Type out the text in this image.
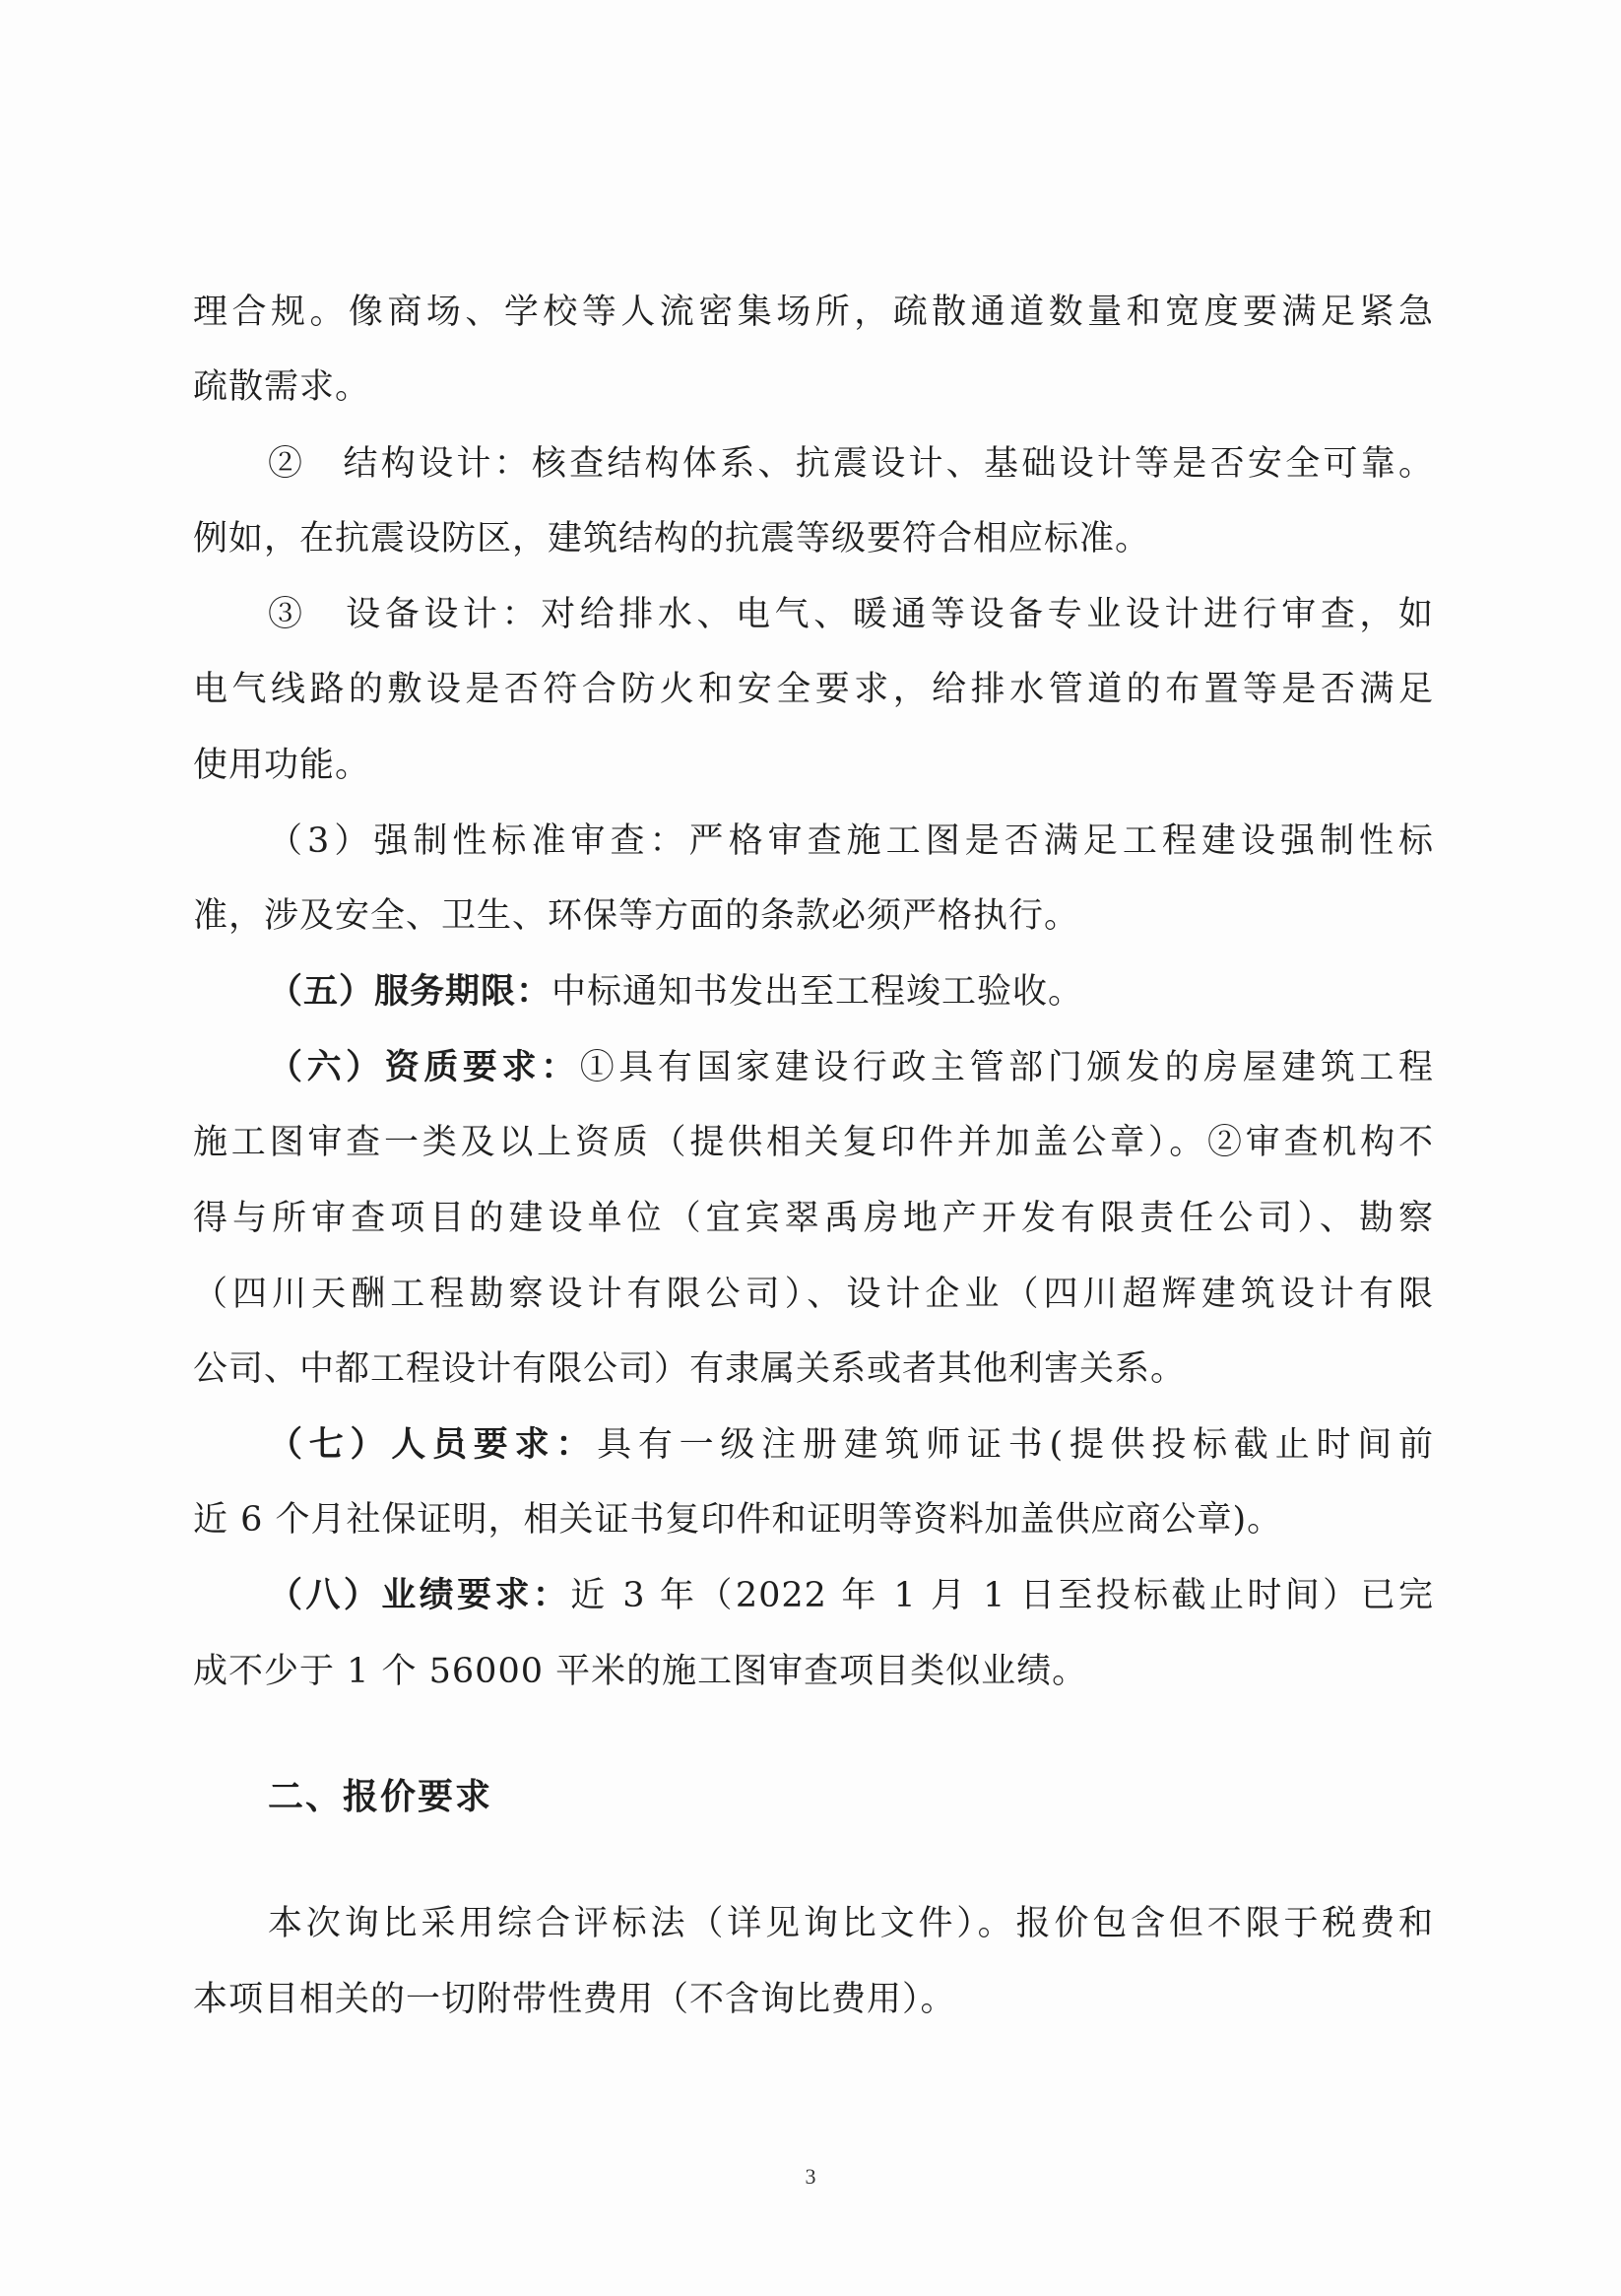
理合规。像商场、学校等人流密集场所，疏散通道数量和宽度要满足紧急
疏散需求。
②　结构设计：核查结构体系、抗震设计、基础设计等是否安全可靠。
例如，在抗震设防区，建筑结构的抗震等级要符合相应标准。
③　设备设计：对给排水、电气、暖通等设备专业设计进行审查，如
电气线路的敷设是否符合防火和安全要求，给排水管道的布置等是否满足
使用功能。
（3）强制性标准审查：严格审查施工图是否满足工程建设强制性标
准，涉及安全、卫生、环保等方面的条款必须严格执行。
（五）服务期限：中标通知书发出至工程竣工验收。
（六）资质要求：①具有国家建设行政主管部门颁发的房屋建筑工程
施工图审查一类及以上资质（提供相关复印件并加盖公章）。②审查机构不
得与所审查项目的建设单位（宜宾翠禹房地产开发有限责任公司）、勘察
（四川天酬工程勘察设计有限公司）、设计企业（四川超辉建筑设计有限
公司、中都工程设计有限公司）有隶属关系或者其他利害关系。
（七）人员要求：具有一级注册建筑师证书(提供投标截止时间前
近 6 个月社保证明，相关证书复印件和证明等资料加盖供应商公章)。
（八）业绩要求：近 3 年（2022 年 1 月 1 日至投标截止时间）已完
成不少于 1 个 56000 平米的施工图审查项目类似业绩。
二、报价要求
本次询比采用综合评标法（详见询比文件）。报价包含但不限于税费和
本项目相关的一切附带性费用（不含询比费用）。
3
